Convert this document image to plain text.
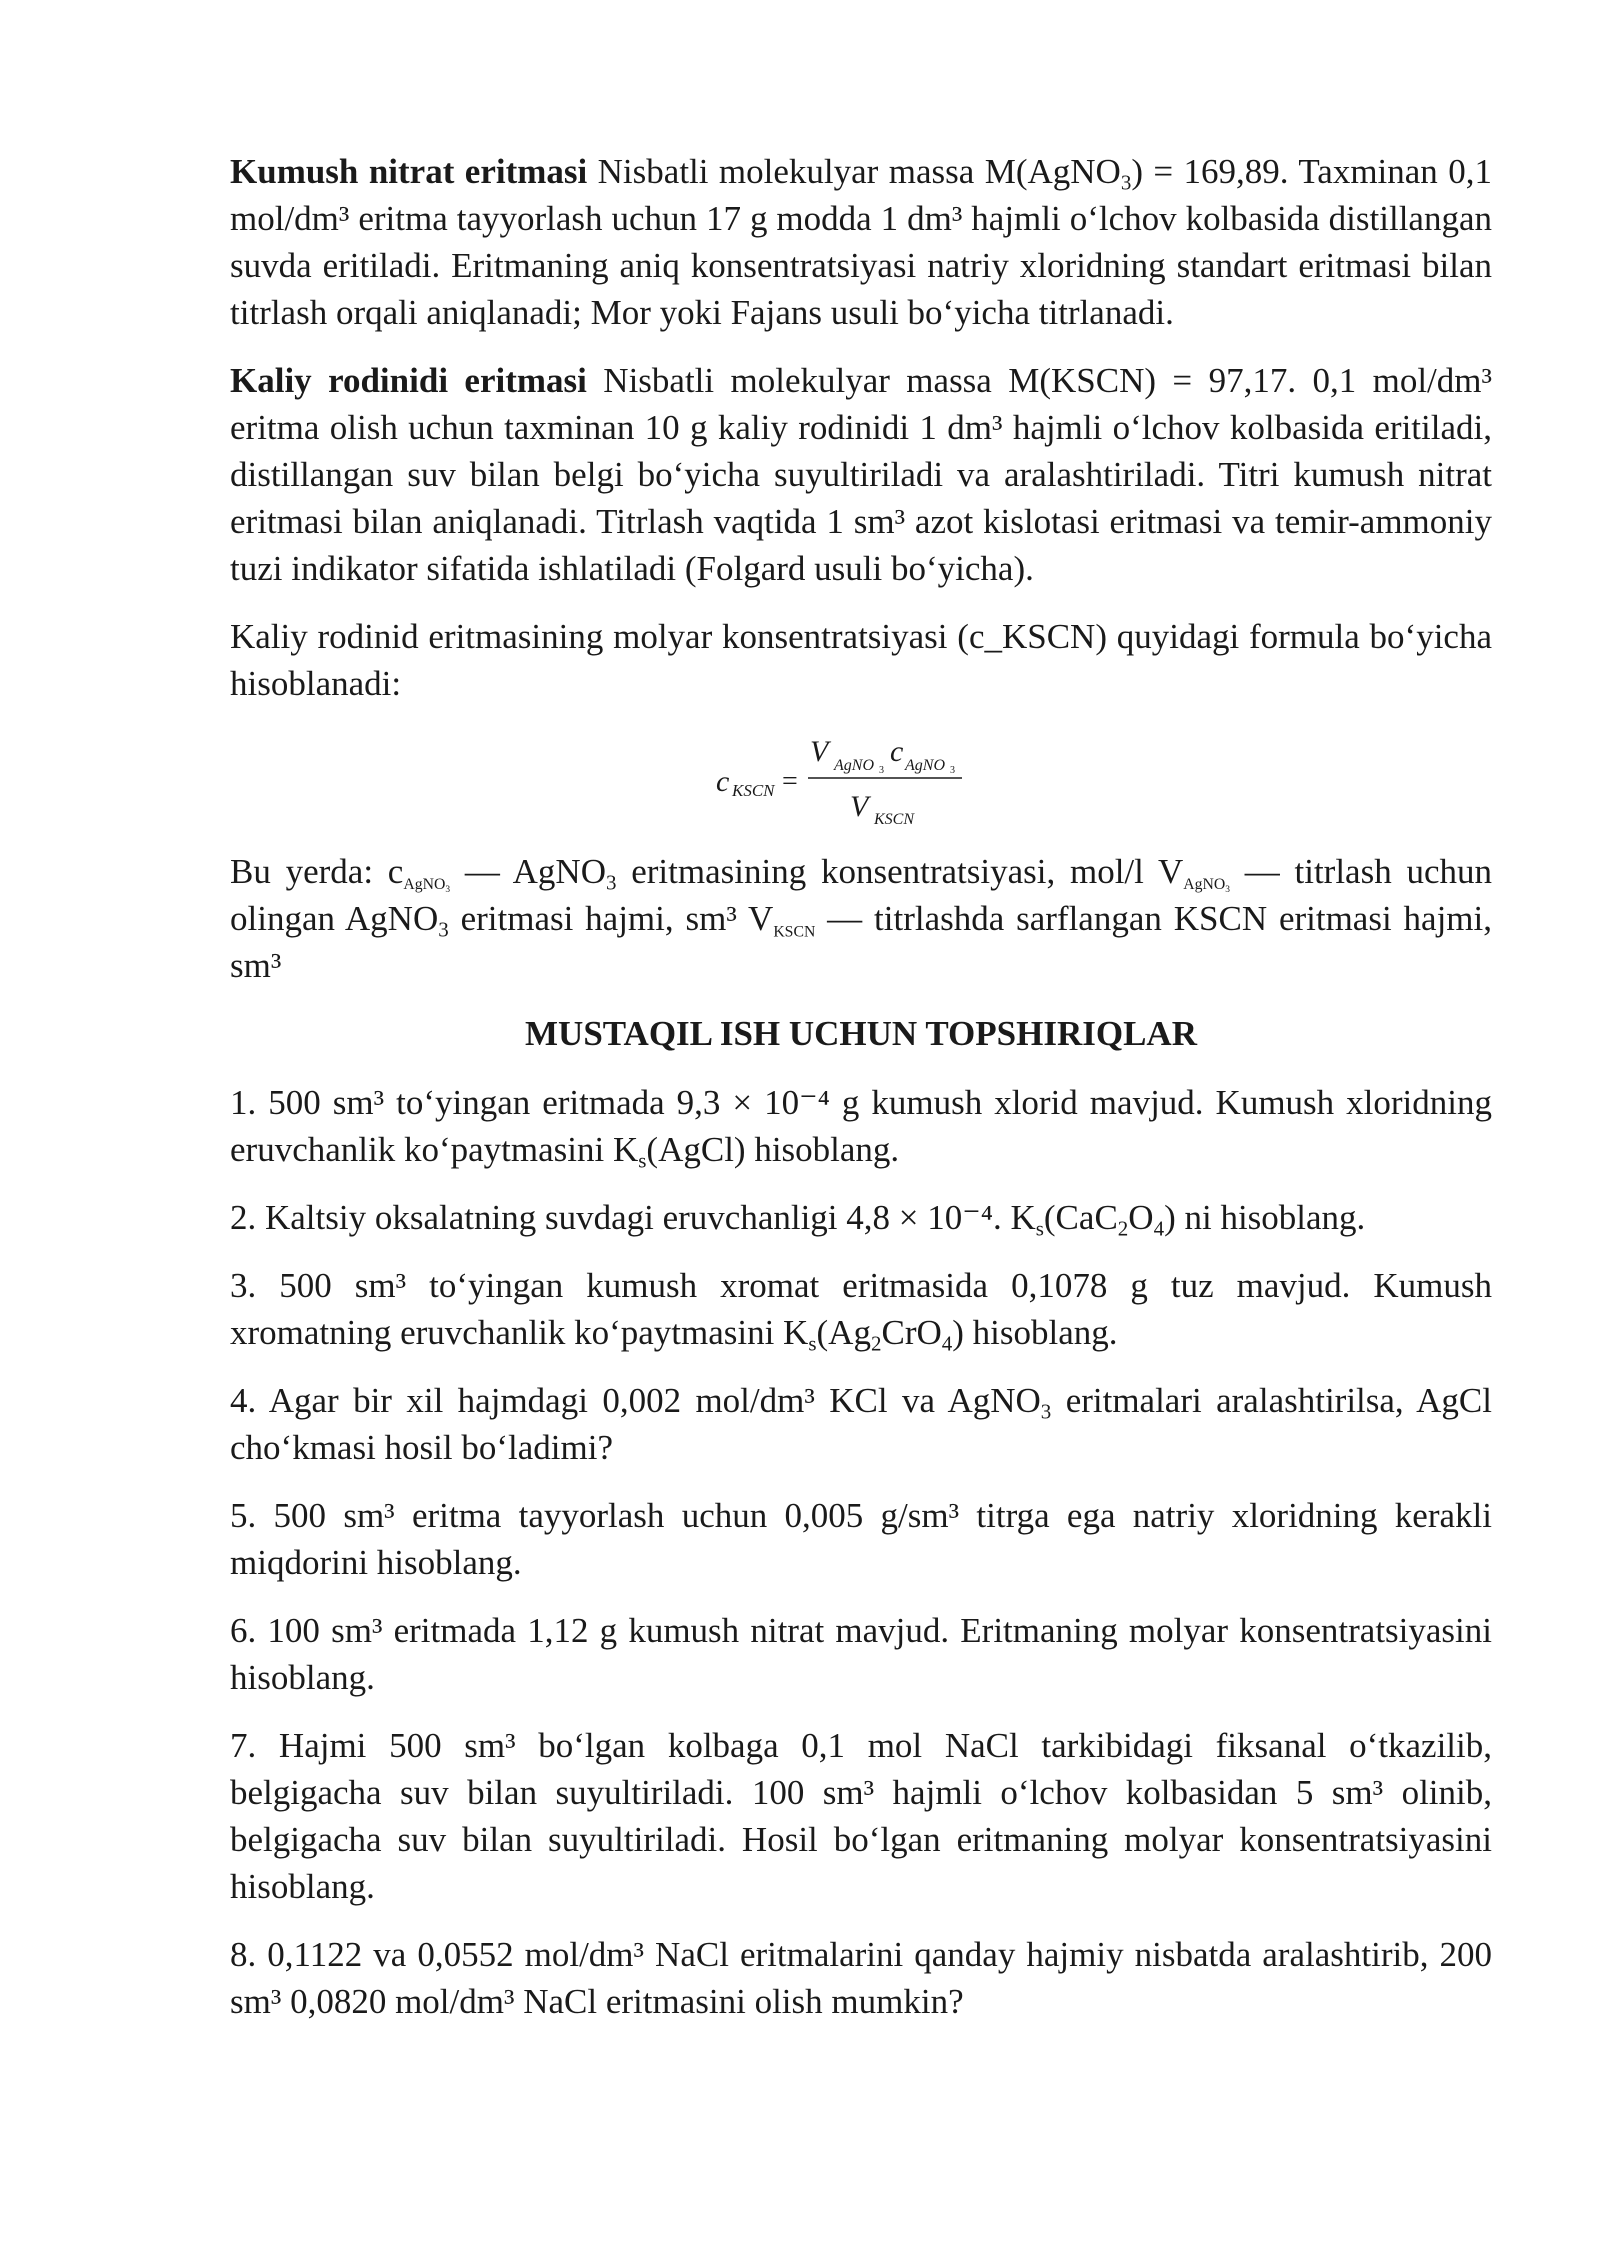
Kumush nitrat eritmasi Nisbatli molekulyar massa M(AgNO$_3$) = 169,89. Taxminan 0,1 mol/dm³ eritma tayyorlash uchun 17 g modda 1 dm³ hajmli o‘lchov kolbasida distillangan suvda eritiladi. Eritmaning aniq konsentratsiyasi natriy xloridning standart eritmasi bilan titrlash orqali aniqlanadi; Mor yoki Fajans usuli bo‘yicha titrlanadi.

Kaliy rodinidi eritmasi Nisbatli molekulyar massa M(KSCN) = 97,17. 0,1 mol/dm³ eritma olish uchun taxminan 10 g kaliy rodinidi 1 dm³ hajmli o‘lchov kolbasida eritiladi, distillangan suv bilan belgi bo‘yicha suyultiriladi va aralashtiriladi. Titri kumush nitrat eritmasi bilan aniqlanadi. Titrlash vaqtida 1 sm³ azot kislotasi eritmasi va temir-ammoniy tuzi indikator sifatida ishlatiladi (Folgard usuli bo‘yicha).

Kaliy rodinid eritmasining molyar konsentratsiyasi (c_KSCN) quyidagi formula bo‘yicha hisoblanadi:

c KSCN =
V AgNO 3
c AgNO 3
V KSCN

Bu yerda: $c_{AgNO_3}$ — AgNO$_3$ eritmasining konsentratsiyasi, mol/l $V_{AgNO_3}$ — titrlash uchun olingan AgNO$_3$ eritmasi hajmi, sm³ $V_{KSCN}$ — titrlashda sarflangan KSCN eritmasi hajmi, sm³

MUSTAQIL ISH UCHUN TOPSHIRIQLAR

1. 500 sm³ to‘yingan eritmada 9,3 × 10⁻⁴ g kumush xlorid mavjud. Kumush xloridning eruvchanlik ko‘paytmasini $K_s(AgCl)$ hisoblang.

2. Kaltsiy oksalatning suvdagi eruvchanligi 4,8 × 10⁻⁴. $K_s(CaC_2O_4)$ ni hisoblang.

3. 500 sm³ to‘yingan kumush xromat eritmasida 0,1078 g tuz mavjud. Kumush xromatning eruvchanlik ko‘paytmasini $K_s(Ag_2CrO_4)$ hisoblang.

4. Agar bir xil hajmdagi 0,002 mol/dm³ KCl va AgNO$_3$ eritmalari aralashtirilsa, AgCl cho‘kmasi hosil bo‘ladimi?

5. 500 sm³ eritma tayyorlash uchun 0,005 g/sm³ titrga ega natriy xloridning kerakli miqdorini hisoblang.

6. 100 sm³ eritmada 1,12 g kumush nitrat mavjud. Eritmaning molyar konsentratsiyasini hisoblang.

7. Hajmi 500 sm³ bo‘lgan kolbaga 0,1 mol NaCl tarkibidagi fiksanal o‘tkazilib, belgigacha suv bilan suyultiriladi. 100 sm³ hajmli o‘lchov kolbasidan 5 sm³ olinib, belgigacha suv bilan suyultiriladi. Hosil bo‘lgan eritmaning molyar konsentratsiyasini hisoblang.

8. 0,1122 va 0,0552 mol/dm³ NaCl eritmalarini qanday hajmiy nisbatda aralashtirib, 200 sm³ 0,0820 mol/dm³ NaCl eritmasini olish mumkin?
